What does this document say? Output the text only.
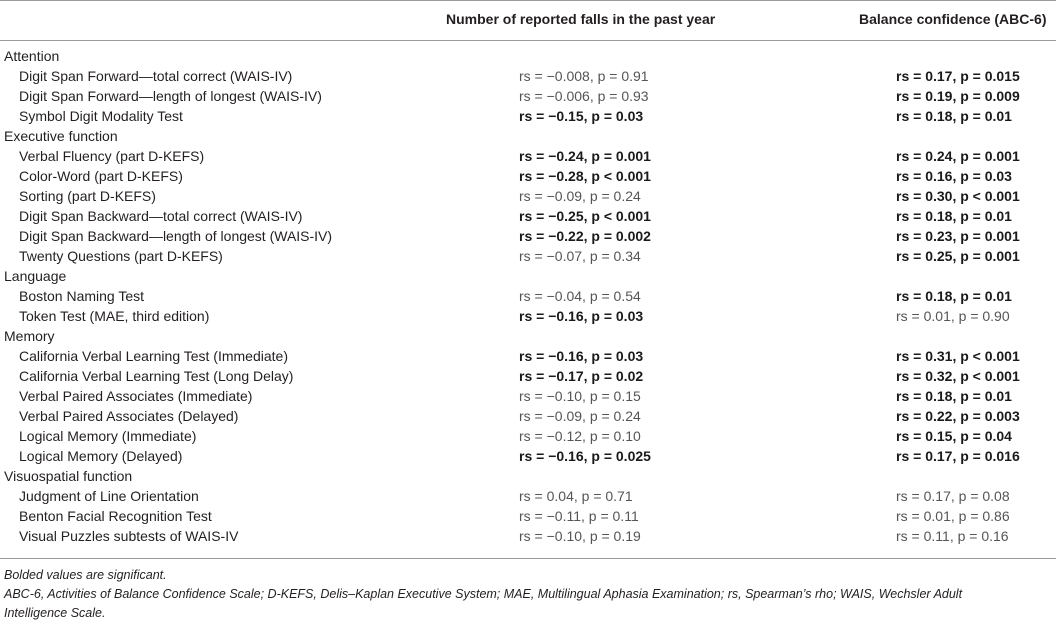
Number of reported falls in the past year	Balance confidence (ABC-6)
Attention
Digit Span Forward—total correct (WAIS-IV)	rs = −0.008, p = 0.91	rs = 0.17, p = 0.015
Digit Span Forward—length of longest (WAIS-IV)	rs = −0.006, p = 0.93	rs = 0.19, p = 0.009
Symbol Digit Modality Test	rs = −0.15, p = 0.03	rs = 0.18, p = 0.01
Executive function
Verbal Fluency (part D-KEFS)	rs = −0.24, p = 0.001	rs = 0.24, p = 0.001
Color-Word (part D-KEFS)	rs = −0.28, p < 0.001	rs = 0.16, p = 0.03
Sorting (part D-KEFS)	rs = −0.09, p = 0.24	rs = 0.30, p < 0.001
Digit Span Backward—total correct (WAIS-IV)	rs = −0.25, p < 0.001	rs = 0.18, p = 0.01
Digit Span Backward—length of longest (WAIS-IV)	rs = −0.22, p = 0.002	rs = 0.23, p = 0.001
Twenty Questions (part D-KEFS)	rs = −0.07, p = 0.34	rs = 0.25, p = 0.001
Language
Boston Naming Test	rs = −0.04, p = 0.54	rs = 0.18, p = 0.01
Token Test (MAE, third edition)	rs = −0.16, p = 0.03	rs = 0.01, p = 0.90
Memory
California Verbal Learning Test (Immediate)	rs = −0.16, p = 0.03	rs = 0.31, p < 0.001
California Verbal Learning Test (Long Delay)	rs = −0.17, p = 0.02	rs = 0.32, p < 0.001
Verbal Paired Associates (Immediate)	rs = −0.10, p = 0.15	rs = 0.18, p = 0.01
Verbal Paired Associates (Delayed)	rs = −0.09, p = 0.24	rs = 0.22, p = 0.003
Logical Memory (Immediate)	rs = −0.12, p = 0.10	rs = 0.15, p = 0.04
Logical Memory (Delayed)	rs = −0.16, p = 0.025	rs = 0.17, p = 0.016
Visuospatial function
Judgment of Line Orientation	rs = 0.04, p = 0.71	rs = 0.17, p = 0.08
Benton Facial Recognition Test	rs = −0.11, p = 0.11	rs = 0.01, p = 0.86
Visual Puzzles subtests of WAIS-IV	rs = −0.10, p = 0.19	rs = 0.11, p = 0.16
Bolded values are significant.
ABC-6, Activities of Balance Confidence Scale; D-KEFS, Delis–Kaplan Executive System; MAE, Multilingual Aphasia Examination; rs, Spearman’s rho; WAIS, Wechsler Adult
Intelligence Scale.
